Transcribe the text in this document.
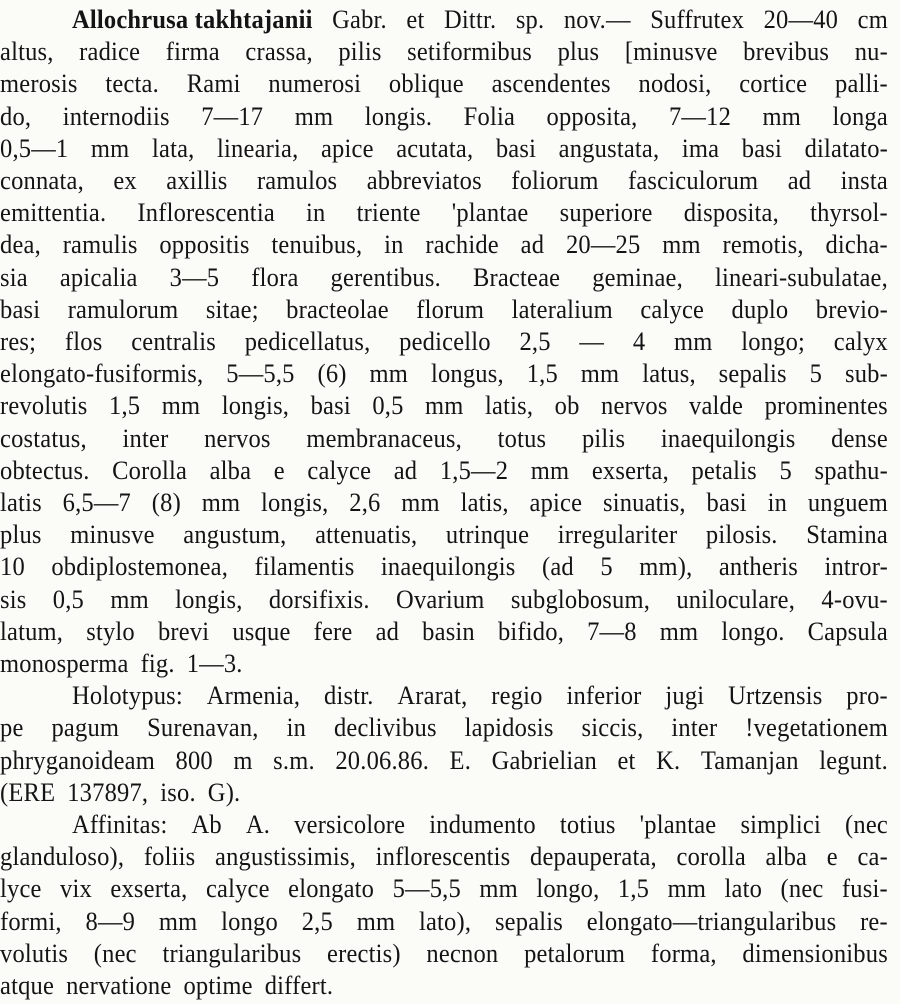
Allochrusa takhtajanii Gabr. et Dittr. sp. nov.— Suffrutex 20—40 cm
altus, radice firma crassa, pilis setiformibus plus [minusve brevibus nu-
merosis tecta. Rami numerosi oblique ascendentes nodosi, cortice palli-
do, internodiis 7—17 mm longis. Folia opposita, 7—12 mm longa
0,5—1 mm lata, linearia, apice acutata, basi angustata, ima basi dilatato-
connata, ex axillis ramulos abbreviatos foliorum fasciculorum ad insta
emittentia. Inflorescentia in triente 'plantae superiore disposita, thyrsol-
dea, ramulis oppositis tenuibus, in rachide ad 20—25 mm remotis, dicha-
sia apicalia 3—5 flora gerentibus. Bracteae geminae, lineari-subulatae,
basi ramulorum sitae; bracteolae florum lateralium calyce duplo brevio-
res; flos centralis pedicellatus, pedicello 2,5 — 4 mm longo; calyx
elongato-fusiformis, 5—5,5 (6) mm longus, 1,5 mm latus, sepalis 5 sub-
revolutis 1,5 mm longis, basi 0,5 mm latis, ob nervos valde prominentes
costatus, inter nervos membranaceus, totus pilis inaequilongis dense
obtectus. Corolla alba e calyce ad 1,5—2 mm exserta, petalis 5 spathu-
latis 6,5—7 (8) mm longis, 2,6 mm latis, apice sinuatis, basi in unguem
plus minusve angustum, attenuatis, utrinque irregulariter pilosis. Stamina
10 obdiplostemonea, filamentis inaequilongis (ad 5 mm), antheris intror-
sis 0,5 mm longis, dorsifixis. Ovarium subglobosum, uniloculare, 4-ovu-
latum, stylo brevi usque fere ad basin bifido, 7—8 mm longo. Capsula
monosperma fig. 1—3.
Holotypus: Armenia, distr. Ararat, regio inferior jugi Urtzensis pro-
pe pagum Surenavan, in declivibus lapidosis siccis, inter !vegetationem
phryganoideam 800 m s.m. 20.06.86. E. Gabrielian et K. Tamanjan legunt.
(ERE 137897, iso. G).
Affinitas: Ab A. versicolore indumento totius 'plantae simplici (nec
glanduloso), foliis angustissimis, inflorescentis depauperata, corolla alba e ca-
lyce vix exserta, calyce elongato 5—5,5 mm longo, 1,5 mm lato (nec fusi-
formi, 8—9 mm longo 2,5 mm lato), sepalis elongato—triangularibus re-
volutis (nec triangularibus erectis) necnon petalorum forma, dimensionibus
atque nervatione optime differt.
